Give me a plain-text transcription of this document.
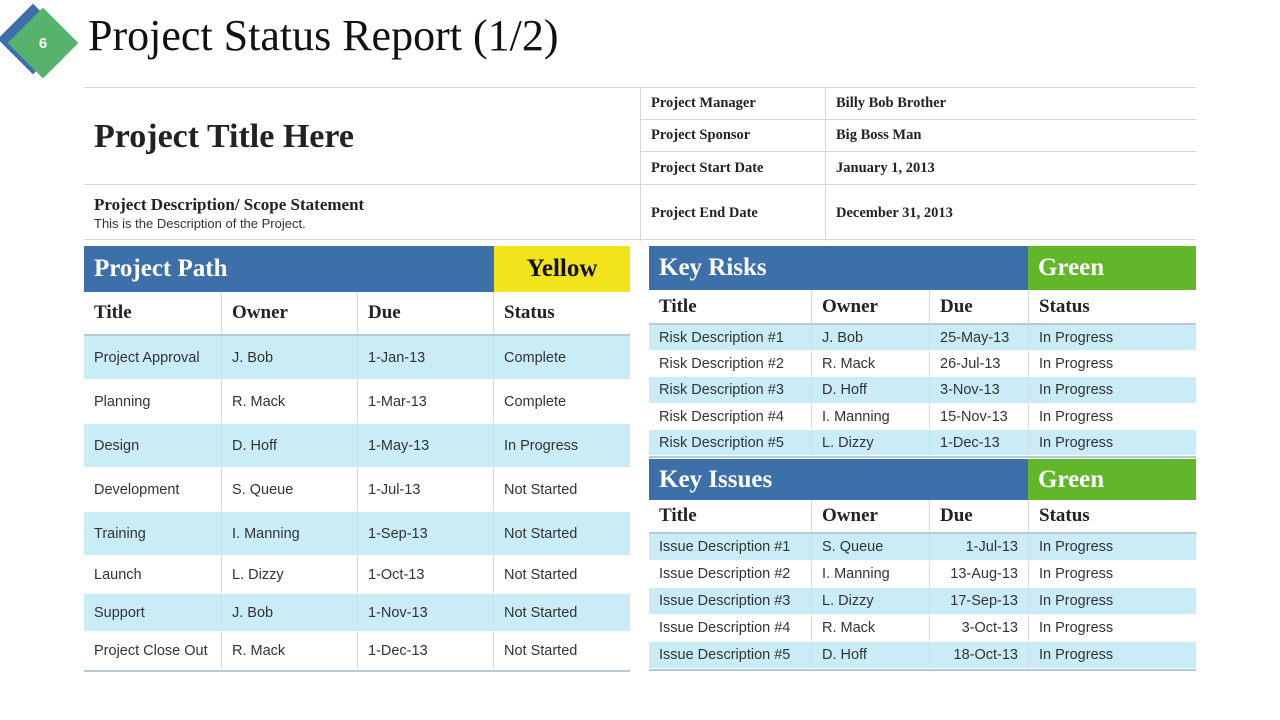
6 Project Status Report (1/2)
Project Title Here
Project Description/ Scope Statement
This is the Description of the Project.
Project Manager	Billy Bob Brother
Project Sponsor	Big Boss Man
Project Start Date	January 1, 2013
Project End Date	December 31, 2013
Project Path	Yellow
Title	Owner	Due	Status
Project Approval	J. Bob	1-Jan-13	Complete
Planning	R. Mack	1-Mar-13	Complete
Design	D. Hoff	1-May-13	In Progress
Development	S. Queue	1-Jul-13	Not Started
Training	I. Manning	1-Sep-13	Not Started
Launch	L. Dizzy	1-Oct-13	Not Started
Support	J. Bob	1-Nov-13	Not Started
Project Close Out	R. Mack	1-Dec-13	Not Started
Key Risks	Green
Title	Owner	Due	Status
Risk Description #1	J. Bob	25-May-13	In Progress
Risk Description #2	R. Mack	26-Jul-13	In Progress
Risk Description #3	D. Hoff	3-Nov-13	In Progress
Risk Description #4	I. Manning	15-Nov-13	In Progress
Risk Description #5	L. Dizzy	1-Dec-13	In Progress
Key Issues	Green
Title	Owner	Due	Status
Issue Description #1	S. Queue	1-Jul-13	In Progress
Issue Description #2	I. Manning	13-Aug-13	In Progress
Issue Description #3	L. Dizzy	17-Sep-13	In Progress
Issue Description #4	R. Mack	3-Oct-13	In Progress
Issue Description #5	D. Hoff	18-Oct-13	In Progress
